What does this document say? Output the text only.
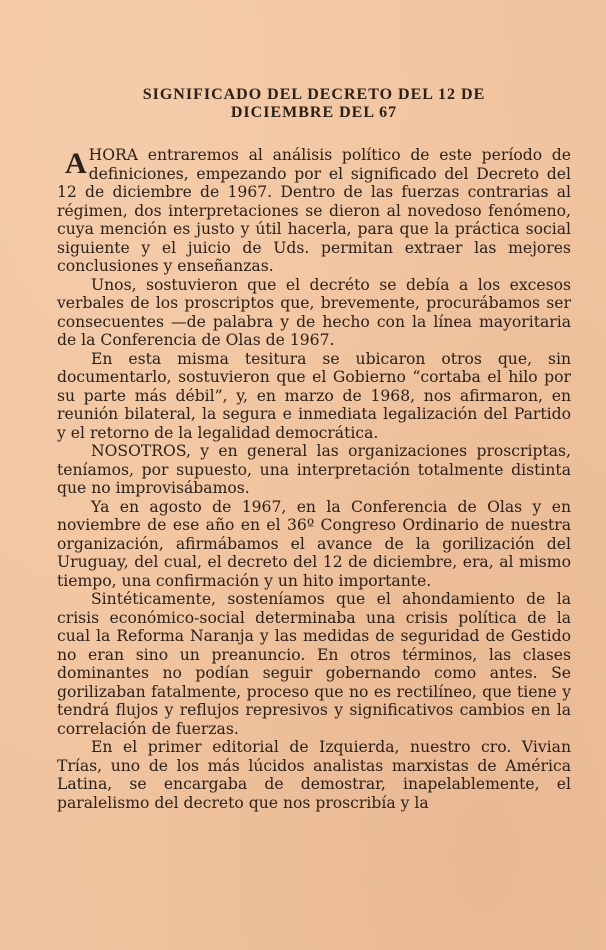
SIGNIFICADO DEL DECRETO DEL 12 DE
DICIEMBRE DEL 67

AHORA entraremos al análisis político de este período de definiciones, empezando por el significado del Decreto del 12 de diciembre de 1967. Dentro de las fuerzas contrarias al régimen, dos interpretaciones se dieron al novedoso fenómeno, cuya mención es justo y útil hacerla, para que la práctica social siguiente y el juicio de Uds. permitan extraer las mejores conclusiones y enseñanzas.

Unos, sostuvieron que el decréto se debía a los excesos verbales de los proscriptos que, brevemente, procurábamos ser consecuentes —de palabra y de hecho con la línea mayoritaria de la Conferencia de Olas de 1967.

En esta misma tesitura se ubicaron otros que, sin documentarlo, sostuvieron que el Gobierno “cortaba el hilo por su parte más débil”, y, en marzo de 1968, nos afirmaron, en reunión bilateral, la segura e inmediata legalización del Partido y el retorno de la legalidad democrática.

NOSOTROS, y en general las organizaciones proscriptas, teníamos, por supuesto, una interpretación totalmente distinta que no improvisábamos.

Ya en agosto de 1967, en la Conferencia de Olas y en noviembre de ese año en el 36º Congreso Ordinario de nuestra organización, afirmábamos el avance de la gorilización del Uruguay, del cual, el decreto del 12 de diciembre, era, al mismo tiempo, una confirmación y un hito importante.

Sintéticamente, sosteníamos que el ahondamiento de la crisis económico-social determinaba una crisis política de la cual la Reforma Naranja y las medidas de seguridad de Gestido no eran sino un preanuncio. En otros términos, las clases dominantes no podían seguir gobernando como antes. Se gorilizaban fatalmente, proceso que no es rectilíneo, que tiene y tendrá flujos y reflujos represivos y significativos cambios en la correlación de fuerzas.

En el primer editorial de Izquierda, nuestro cro. Vivian Trías, uno de los más lúcidos analistas marxistas de América Latina, se encargaba de demostrar, inapelablemente, el paralelismo del decreto que nos proscribía y la
